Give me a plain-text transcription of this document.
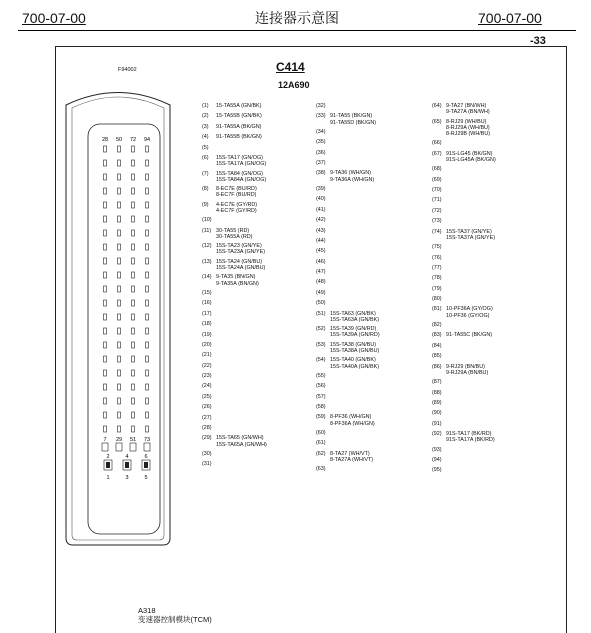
700-07-00	连接器示意图	700-07-00
-33
F94002	C414
12A690
28 50 72 94
7 29 51 73
2	4	6
1	3	5
(1) 15-TA55A (GN/BK)
(2) 15-TA55B (GN/BK)
(3) 91-TA55A (BK/GN)
(4) 91-TA55B (BK/GN)
(5)
(6) 15S-TA17 (GN/OG)
15S-TA17A (GN/OG)
(7) 15S-TA84 (GN/OG)
15S-TA84A (GN/OG)
(8) 8-EC7E (BU/RD)
8-EC7F (BU/RD)
(9) 4-EC7E (GY/RD)
4-EC7F (GY/RD)
(10)
(11) 30-TA55 (RD)
30-TA55A (RD)
(12) 15S-TA23 (GN/YE)
15S-TA23A (GN/YE)
(13) 15S-TA24 (GN/BU)
15S-TA24A (GN/BU)
(14) 9-TA35 (BN/GN)
9-TA35A (BN/GN)
(15)
(16)
(17)
(18)
(19)
(20)
(21)
(22)
(23)
(24)
(25)
(26)
(27)
(28)
(29) 15S-TA65 (GN/WH)
15S-TA65A (GN/WH)
(30)
(31)
(32)
(33) 91-TA55 (BK/GN)
91-TA55D (BK/GN)
(34)
(35)
(36)
(37)
(38) 9-TA36 (WH/GN)
9-TA36A (WH/GN)
(39)
(40)
(41)
(42)
(43)
(44)
(45)
(46)
(47)
(48)
(49)
(50)
(51) 15S-TA63 (GN/BK)
15S-TA63A (GN/BK)
(52) 15S-TA39 (GN/RD)
15S-TA39A (GN/RD)
(53) 15S-TA38 (GN/BU)
15S-TA38A (GN/BU)
(54) 15S-TA40 (GN/BK)
15S-TA40A (GN/BK)
(55)
(56)
(57)
(58)
(59) 8-PF36 (WH/GN)
8-PF36A (WH/GN)
(60)
(61)
(62) 8-TA27 (WH/VT)
8-TA27A (WH/VT)
(63)
(64) 9-TA27 (BN/WH)
9-TA27A (BN/WH)
(65) 8-RJ29 (WH/BU)
8-RJ29A (WH/BU)
8-RJ29B (WH/BU)
(66)
(67) 91S-LG45 (BK/GN)
91S-LG45A (BK/GN)
(68)
(69)
(70)
(71)
(72)
(73)
(74) 15S-TA37 (GN/YE)
15S-TA37A (GN/YE)
(75)
(76)
(77)
(78)
(79)
(80)
(81) 10-PF36A (GY/OG)
10-PF36 (GY/OG)
(82)
(83) 91-TA55C (BK/GN)
(84)
(85)
(86) 9-RJ29 (BN/BU)
9-RJ29A (BN/BU)
(87)
(88)
(89)
(90)
(91)
(92) 91S-TA17 (BK/RD)
91S-TA17A (BK/RD)
(93)
(94)
(95)
A318
变速器控制模块(TCM)
